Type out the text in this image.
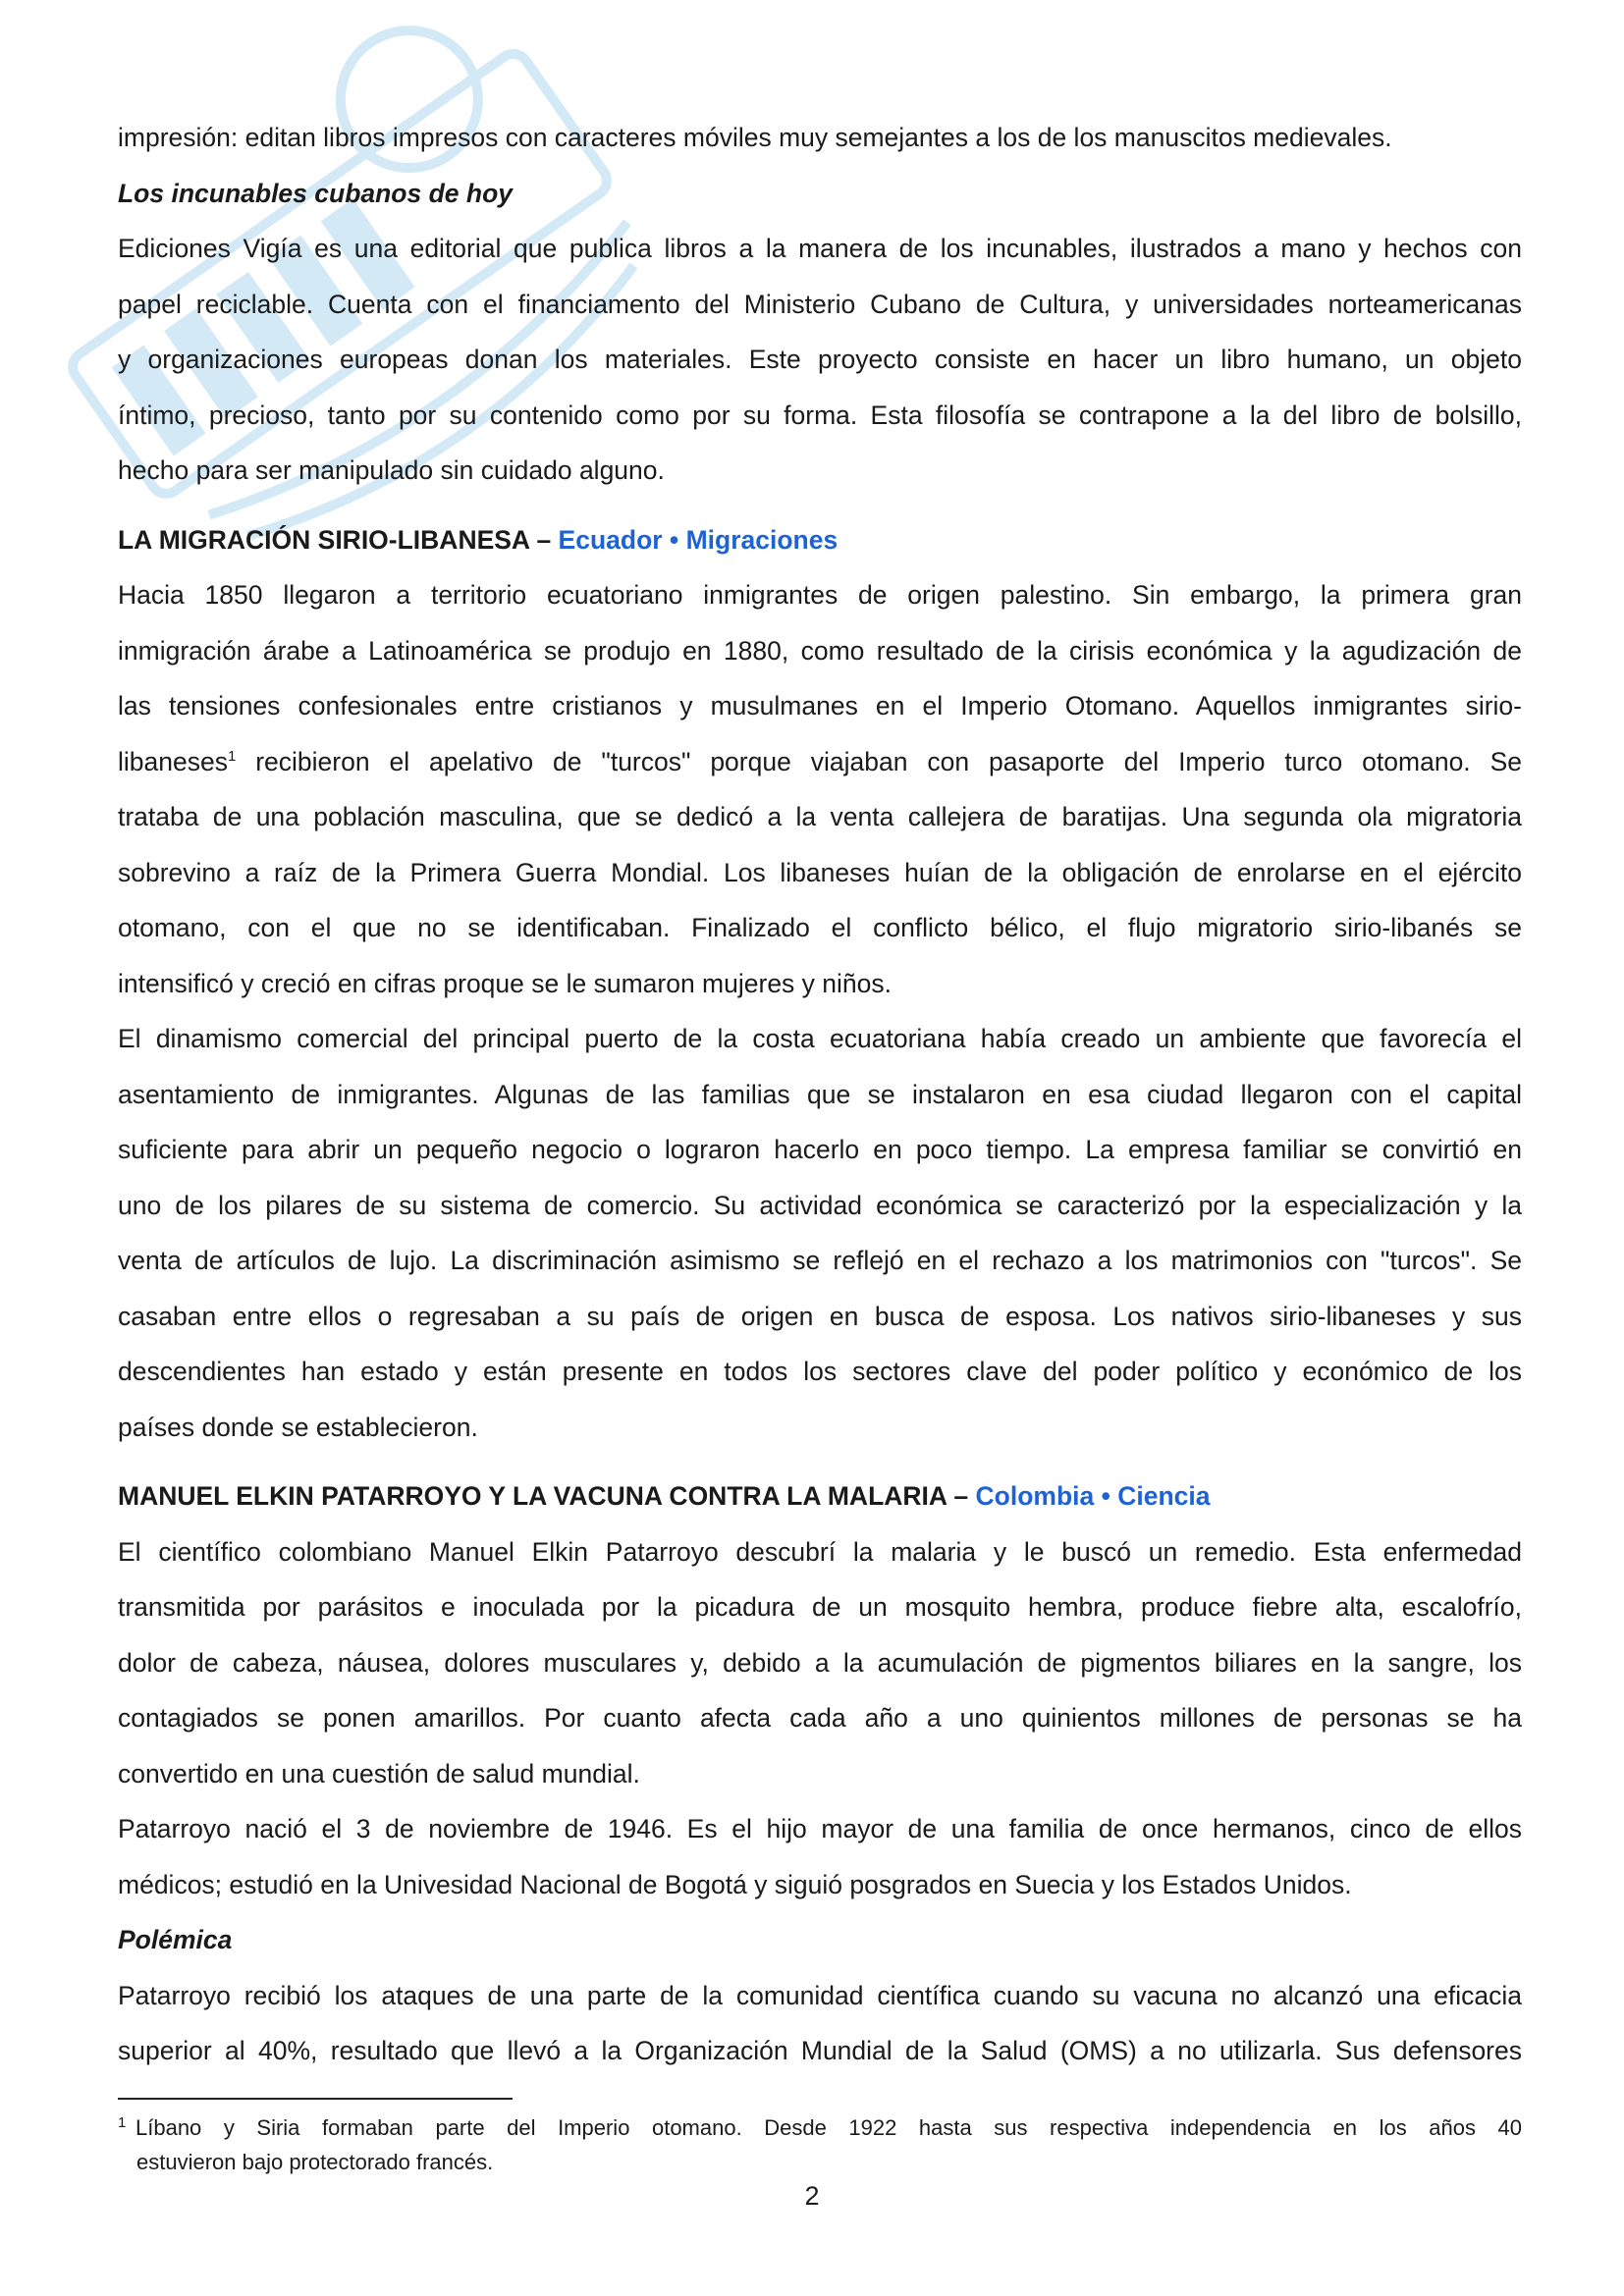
impresión: editan libros impresos con caracteres móviles muy semejantes a los de los manuscitos medievales.
Los incunables cubanos de hoy
Ediciones Vigía es una editorial que publica libros a la manera de los incunables, ilustrados a mano y hechos con
papel reciclable. Cuenta con el financiamento del Ministerio Cubano de Cultura, y universidades norteamericanas
y organizaciones europeas donan los materiales. Este proyecto consiste en hacer un libro humano, un objeto
íntimo, precioso, tanto por su contenido como por su forma. Esta filosofía se contrapone a la del libro de bolsillo,
hecho para ser manipulado sin cuidado alguno.
LA MIGRACIÓN SIRIO-LIBANESA – Ecuador • Migraciones
Hacia 1850 llegaron a territorio ecuatoriano inmigrantes de origen palestino. Sin embargo, la primera gran
inmigración árabe a Latinoamérica se produjo en 1880, como resultado de la cirisis económica y la agudización de
las tensiones confesionales entre cristianos y musulmanes en el Imperio Otomano. Aquellos inmigrantes sirio-
libaneses$^1$ recibieron el apelativo de "turcos" porque viajaban con pasaporte del Imperio turco otomano. Se
trataba de una población masculina, que se dedicó a la venta callejera de baratijas. Una segunda ola migratoria
sobrevino a raíz de la Primera Guerra Mondial. Los libaneses huían de la obligación de enrolarse en el ejército
otomano, con el que no se identificaban. Finalizado el conflicto bélico, el flujo migratorio sirio-libanés se
intensificó y creció en cifras proque se le sumaron mujeres y niños.
El dinamismo comercial del principal puerto de la costa ecuatoriana había creado un ambiente que favorecía el
asentamiento de inmigrantes. Algunas de las familias que se instalaron en esa ciudad llegaron con el capital
suficiente para abrir un pequeño negocio o lograron hacerlo en poco tiempo. La empresa familiar se convirtió en
uno de los pilares de su sistema de comercio. Su actividad económica se caracterizó por la especialización y la
venta de artículos de lujo. La discriminación asimismo se reflejó en el rechazo a los matrimonios con "turcos". Se
casaban entre ellos o regresaban a su país de origen en busca de esposa. Los nativos sirio-libaneses y sus
descendientes han estado y están presente en todos los sectores clave del poder político y económico de los
países donde se establecieron.
MANUEL ELKIN PATARROYO Y LA VACUNA CONTRA LA MALARIA – Colombia • Ciencia
El científico colombiano Manuel Elkin Patarroyo descubrí la malaria y le buscó un remedio. Esta enfermedad
transmitida por parásitos e inoculada por la picadura de un mosquito hembra, produce fiebre alta, escalofrío,
dolor de cabeza, náusea, dolores musculares y, debido a la acumulación de pigmentos biliares en la sangre, los
contagiados se ponen amarillos. Por cuanto afecta cada año a uno quinientos millones de personas se ha
convertido en una cuestión de salud mundial.
Patarroyo nació el 3 de noviembre de 1946. Es el hijo mayor de una familia de once hermanos, cinco de ellos
médicos; estudió en la Univesidad Nacional de Bogotá y siguió posgrados en Suecia y los Estados Unidos.
Polémica
Patarroyo recibió los ataques de una parte de la comunidad científica cuando su vacuna no alcanzó una eficacia
superior al 40%, resultado que llevó a la Organización Mundial de la Salud (OMS) a no utilizarla. Sus defensores
1 Líbano y Siria formaban parte del Imperio otomano. Desde 1922 hasta sus respectiva independencia en los años 40
estuvieron bajo protectorado francés.
2
